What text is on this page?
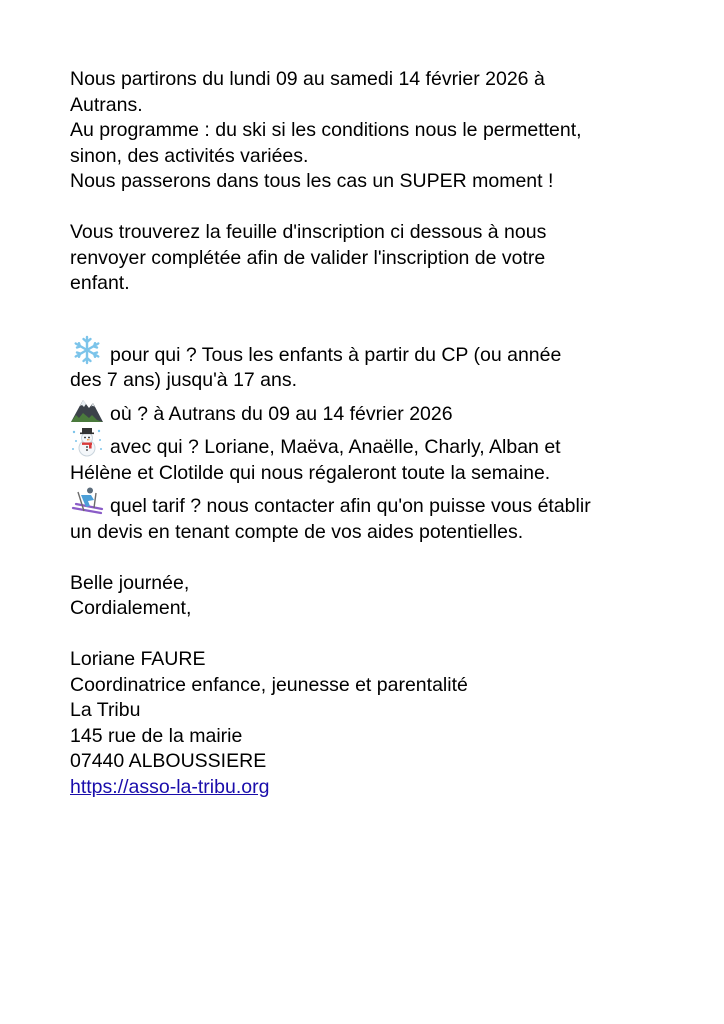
Nous partirons du lundi 09 au samedi 14 février 2026 à
Autrans.
Au programme : du ski si les conditions nous le permettent,
sinon, des activités variées.
Nous passerons dans tous les cas un SUPER moment !
Vous trouverez la feuille d'inscription ci dessous à nous
renvoyer complétée afin de valider l'inscription de votre
enfant.
pour qui ? Tous les enfants à partir du CP (ou année
des 7 ans) jusqu'à 17 ans.
où ? à Autrans du 09 au 14 février 2026
avec qui ? Loriane, Maëva, Anaëlle, Charly, Alban et
Hélène et Clotilde qui nous régaleront toute la semaine.
quel tarif ? nous contacter afin qu'on puisse vous établir
un devis en tenant compte de vos aides potentielles.
Belle journée,
Cordialement,
Loriane FAURE
Coordinatrice enfance, jeunesse et parentalité
La Tribu
145 rue de la mairie
07440 ALBOUSSIERE
https://asso-la-tribu.org
